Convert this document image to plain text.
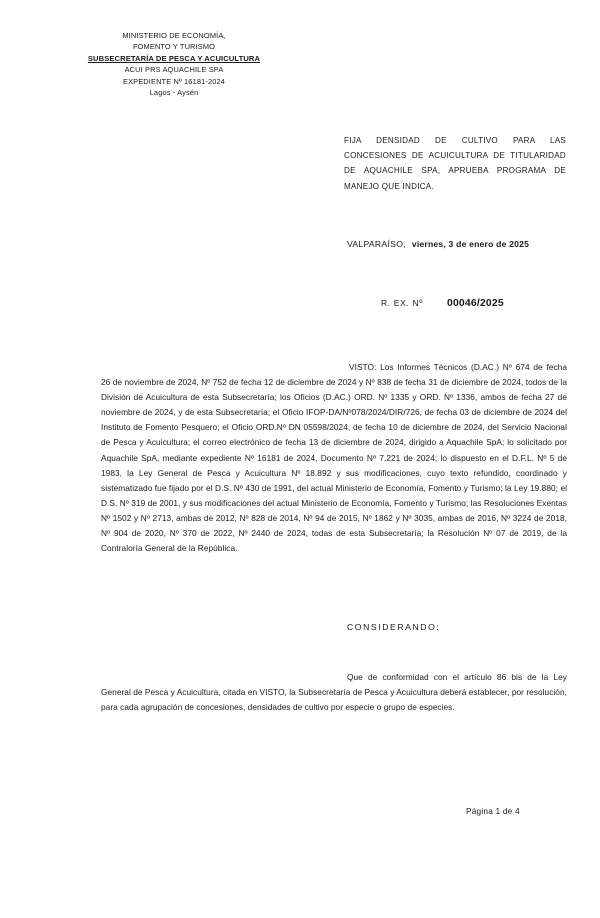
MINISTERIO DE ECONOMÍA,
FOMENTO Y TURISMO
SUBSECRETARÍA DE PESCA Y ACUICULTURA
ACUI PRS AQUACHILE SPA
EXPEDIENTE Nº 16181-2024
Lagos - Aysén
FIJA DENSIDAD DE CULTIVO PARA LAS CONCESIONES DE ACUICULTURA DE TITULARIDAD DE AQUACHILE SPA, APRUEBA PROGRAMA DE MANEJO QUE INDICA.
VALPARAÍSO, viernes, 3 de enero de 2025
R. EX. Nº 00046/2025
VISTO: Los Informes Técnicos (D.AC.) Nº 674 de fecha 26 de noviembre de 2024, Nº 752 de fecha 12 de diciembre de 2024 y Nº 838 de fecha 31 de diciembre de 2024, todos de la División de Acuicultura de esta Subsecretaría; los Oficios (D.AC.) ORD. Nº 1335 y ORD. Nº 1336, ambos de fecha 27 de noviembre de 2024, y de esta Subsecretaría; el Oficio IFOP-DA/Nº078/2024/DIR/726, de fecha 03 de diciembre de 2024 del Instituto de Fomento Pesquero; el Oficio ORD.Nº DN 05598/2024, de fecha 10 de diciembre de 2024, del Servicio Nacional de Pesca y Acuicultura; el correo electrónico de fecha 13 de diciembre de 2024, dirigido a Aquachile SpA; lo solicitado por Aquachile SpA, mediante expediente Nº 16181 de 2024, Documento Nº 7.221 de 2024; lo dispuesto en el D.F.L. Nº 5 de 1983, la Ley General de Pesca y Acuicultura Nº 18.892 y sus modificaciones, cuyo texto refundido, coordinado y sistematizado fue fijado por el D.S. Nº 430 de 1991, del actual Ministerio de Economía, Fomento y Turismo; la Ley 19.880; el D.S. Nº 319 de 2001, y sus modificaciones del actual Ministerio de Economía, Fomento y Turismo; las Resoluciones Exentas Nº 1502 y Nº 2713, ambas de 2012, Nº 828 de 2014, Nº 94 de 2015, Nº 1862 y Nº 3035, ambas de 2016, Nº 3224 de 2018, Nº 904 de 2020, Nº 370 de 2022, Nº 2440 de 2024, todas de esta Subsecretaría; la Resolución Nº 07 de 2019, de la Contraloría General de la República.
CONSIDERANDO:
Que de conformidad con el artículo 86 bis de la Ley General de Pesca y Acuicultura, citada en VISTO, la Subsecretaría de Pesca y Acuicultura deberá establecer, por resolución, para cada agrupación de concesiones, densidades de cultivo por especie o grupo de especies.
Página 1 de 4
